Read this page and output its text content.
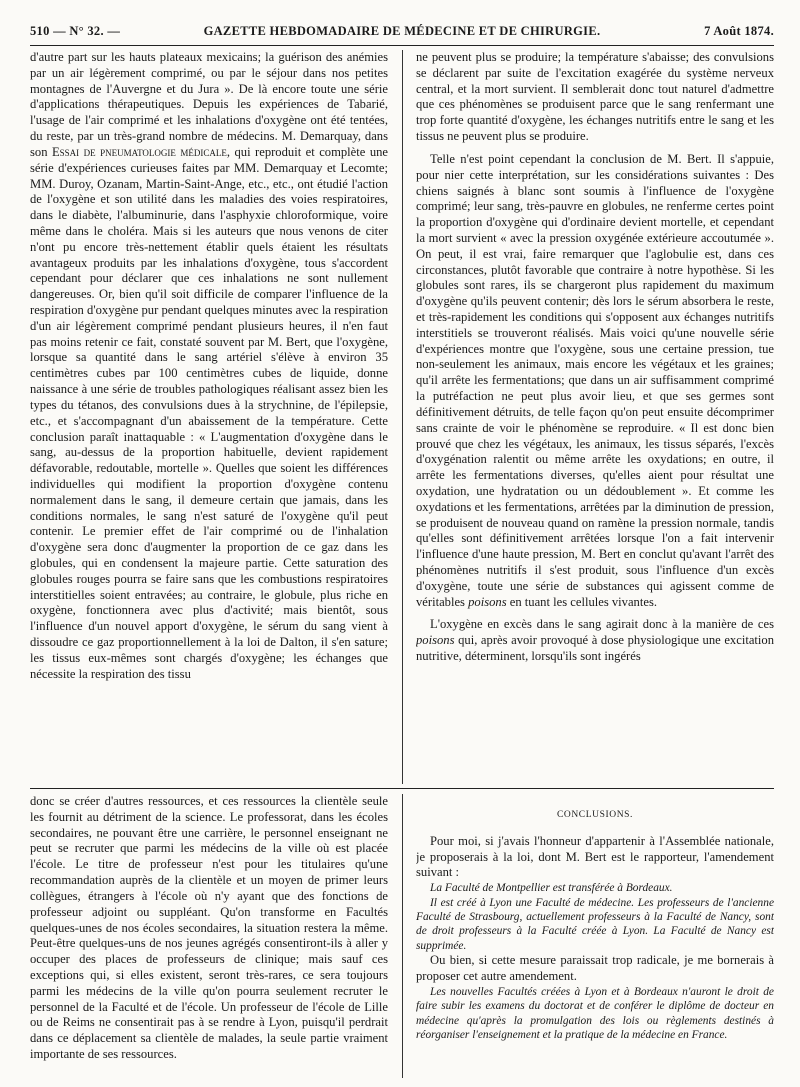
510 — N° 32. —	GAZETTE HEBDOMADAIRE DE MÉDECINE ET DE CHIRURGIE.	7 Août 1874.

d'autre part sur les hauts plateaux mexicains; la guérison des anémies par un air légèrement comprimé, ou par le séjour dans nos petites montagnes de l'Auvergne et du Jura ». De là encore toute une série d'applications thérapeutiques. Depuis les expériences de Tabarié, l'usage de l'air comprimé et les inhalations d'oxygène ont été tentées, du reste, par un très-grand nombre de médecins. M. Demarquay, dans son Essai de pneumatologie médicale, qui reproduit et complète une série d'expériences curieuses faites par MM. Demarquay et Lecomte; MM. Duroy, Ozanam, Martin-Saint-Ange, etc., etc., ont étudié l'action de l'oxygène et son utilité dans les maladies des voies respiratoires, dans le diabète, l'albuminurie, dans l'asphyxie chloroformique, voire même dans le choléra. Mais si les auteurs que nous venons de citer n'ont pu encore très-nettement établir quels étaient les résultats avantageux produits par les inhalations d'oxygène, tous s'accordent cependant pour déclarer que ces inhalations ne sont nullement dangereuses. Or, bien qu'il soit difficile de comparer l'influence de la respiration d'oxygène pur pendant quelques minutes avec la respiration d'un air légèrement comprimé pendant plusieurs heures, il n'en faut pas moins retenir ce fait, constaté souvent par M. Bert, que l'oxygène, lorsque sa quantité dans le sang artériel s'élève à environ 35 centimètres cubes par 100 centimètres cubes de liquide, donne naissance à une série de troubles pathologiques réalisant assez bien les types du tétanos, des convulsions dues à la strychnine, de l'épilepsie, etc., et s'accompagnant d'un abaissement de la température. Cette conclusion paraît inattaquable : « L'augmentation d'oxygène dans le sang, au-dessus de la proportion habituelle, devient rapidement défavorable, redoutable, mortelle ». Quelles que soient les différences individuelles qui modifient la proportion d'oxygène contenu normalement dans le sang, il demeure certain que jamais, dans les conditions normales, le sang n'est saturé de l'oxygène qu'il peut contenir. Le premier effet de l'air comprimé ou de l'inhalation d'oxygène sera donc d'augmenter la proportion de ce gaz dans les globules, qui en condensent la majeure partie. Cette saturation des globules rouges pourra se faire sans que les combustions respiratoires interstitielles soient entravées; au contraire, le globule, plus riche en oxygène, fonctionnera avec plus d'activité; mais bientôt, sous l'influence d'un nouvel apport d'oxygène, le sérum du sang vient à dissoudre ce gaz proportionnellement à la loi de Dalton, il s'en sature; les tissus eux-mêmes sont chargés d'oxygène; les échanges que nécessite la respiration des tissu

ne peuvent plus se produire; la température s'abaisse; des convulsions se déclarent par suite de l'excitation exagérée du système nerveux central, et la mort survient. Il semblerait donc tout naturel d'admettre que ces phénomènes se produisent parce que le sang renfermant une trop forte quantité d'oxygène, les échanges nutritifs entre le sang et les tissus ne peuvent plus se produire.

Telle n'est point cependant la conclusion de M. Bert. Il s'appuie, pour nier cette interprétation, sur les considérations suivantes : Des chiens saignés à blanc sont soumis à l'influence de l'oxygène comprimé; leur sang, très-pauvre en globules, ne renferme certes point la proportion d'oxygène qui d'ordinaire devient mortelle, et cependant la mort survient « avec la pression oxygénée extérieure accoutumée ». On peut, il est vrai, faire remarquer que l'aglobulie est, dans ces circonstances, plutôt favorable que contraire à notre hypothèse. Si les globules sont rares, ils se chargeront plus rapidement du maximum d'oxygène qu'ils peuvent contenir; dès lors le sérum absorbera le reste, et très-rapidement les conditions qui s'opposent aux échanges nutritifs interstitiels se trouveront réalisés. Mais voici qu'une nouvelle série d'expériences montre que l'oxygène, sous une certaine pression, tue non-seulement les animaux, mais encore les végétaux et les graines; qu'il arrête les fermentations; que dans un air suffisamment comprimé la putréfaction ne peut plus avoir lieu, et que ses germes sont définitivement détruits, de telle façon qu'on peut ensuite décomprimer sans crainte de voir le phénomène se reproduire. « Il est donc bien prouvé que chez les végétaux, les animaux, les tissus séparés, l'excès d'oxygénation ralentit ou même arrête les oxydations; en outre, il arrête les fermentations diverses, qu'elles aient pour résultat une oxydation, une hydratation ou un dédoublement ». Et comme les oxydations et les fermentations, arrêtées par la diminution de pression, se produisent de nouveau quand on ramène la pression normale, tandis qu'elles sont définitivement arrêtées lorsque l'on a fait intervenir l'influence d'une haute pression, M. Bert en conclut qu'avant l'arrêt des phénomènes nutritifs il s'est produit, sous l'influence d'un excès d'oxygène, toute une série de substances qui agissent comme de véritables poisons en tuant les cellules vivantes.

L'oxygène en excès dans le sang agirait donc à la manière de ces poisons qui, après avoir provoqué à dose physiologique une excitation nutritive, déterminent, lorsqu'ils sont ingérés

donc se créer d'autres ressources, et ces ressources la clientèle seule les fournit au détriment de la science. Le professorat, dans les écoles secondaires, ne pouvant être une carrière, le personnel enseignant ne peut se recruter que parmi les médecins de la ville où est placée l'école. Le titre de professeur n'est pour les titulaires qu'une recommandation auprès de la clientèle et un moyen de primer leurs collègues, étrangers à l'école où n'y ayant que des fonctions de professeur adjoint ou suppléant. Qu'on transforme en Facultés quelques-unes de nos écoles secondaires, la situation restera la même. Peut-être quelques-uns de nos jeunes agrégés consentiront-ils à aller y occuper des places de professeurs de clinique; mais sauf ces exceptions qui, si elles existent, seront très-rares, ce sera toujours parmi les médecins de la ville qu'on pourra seulement recruter le personnel de la Faculté et de l'école. Un professeur de l'école de Lille ou de Reims ne consentirait pas à se rendre à Lyon, puisqu'il perdrait dans ce déplacement sa clientèle de malades, la seule partie vraiment importante de ses ressources.

CONCLUSIONS.

Pour moi, si j'avais l'honneur d'appartenir à l'Assemblée nationale, je proposerais à la loi, dont M. Bert est le rapporteur, l'amendement suivant :

La Faculté de Montpellier est transférée à Bordeaux.

Il est créé à Lyon une Faculté de médecine. Les professeurs de l'ancienne Faculté de Strasbourg, actuellement professeurs à la Faculté de Nancy, sont de droit professeurs à la Faculté créée à Lyon. La Faculté de Nancy est supprimée.

Ou bien, si cette mesure paraissait trop radicale, je me bornerais à proposer cet autre amendement.

Les nouvelles Facultés créées à Lyon et à Bordeaux n'auront le droit de faire subir les examens du doctorat et de conférer le diplôme de docteur en médecine qu'après la promulgation des lois ou règlements destinés à réorganiser l'enseignement et la pratique de la médecine en France.
